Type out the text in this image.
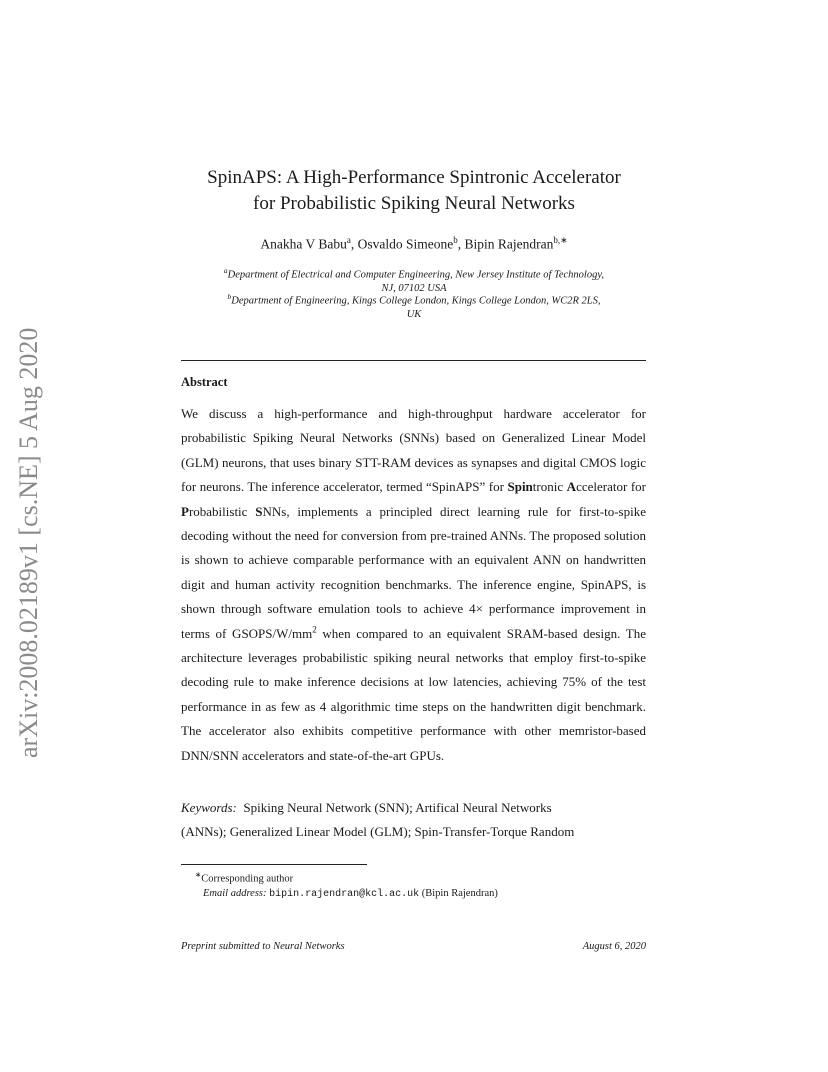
arXiv:2008.02189v1 [cs.NE] 5 Aug 2020
SpinAPS: A High-Performance Spintronic Accelerator
for Probabilistic Spiking Neural Networks
Anakha V Babu$^a$, Osvaldo Simeone$^b$, Bipin Rajendran$^{b,∗}$
$^a$Department of Electrical and Computer Engineering, New Jersey Institute of Technology,
NJ, 07102 USA
$^b$Department of Engineering, Kings College London, Kings College London, WC2R 2LS,
UK
Abstract
We discuss a high-performance and high-throughput hardware accelerator for probabilistic Spiking Neural Networks (SNNs) based on Generalized Linear Model (GLM) neurons, that uses binary STT-RAM devices as synapses and digital CMOS logic for neurons. The inference accelerator, termed “SpinAPS” for Spintronic Accelerator for Probabilistic SNNs, implements a principled direct learning rule for first-to-spike decoding without the need for conversion from pre-trained ANNs. The proposed solution is shown to achieve comparable performance with an equivalent ANN on handwritten digit and human activity recognition benchmarks. The inference engine, SpinAPS, is shown through software emulation tools to achieve 4× performance improvement in terms of GSOPS/$W/mm^2$ when compared to an equivalent SRAM-based design. The architecture leverages probabilistic spiking neural networks that employ first-to-spike decoding rule to make inference decisions at low latencies, achieving 75% of the test performance in as few as 4 algorithmic time steps on the handwritten digit benchmark. The accelerator also exhibits competitive performance with other memristor-based DNN/SNN accelerators and state-of-the-art GPUs.
Keywords: Spiking Neural Network (SNN); Artifical Neural Networks
(ANNs); Generalized Linear Model (GLM); Spin-Transfer-Torque Random
∗Corresponding author
Email address: bipin.rajendran@kcl.ac.uk (Bipin Rajendran)
Preprint submitted to Neural Networks	August 6, 2020
